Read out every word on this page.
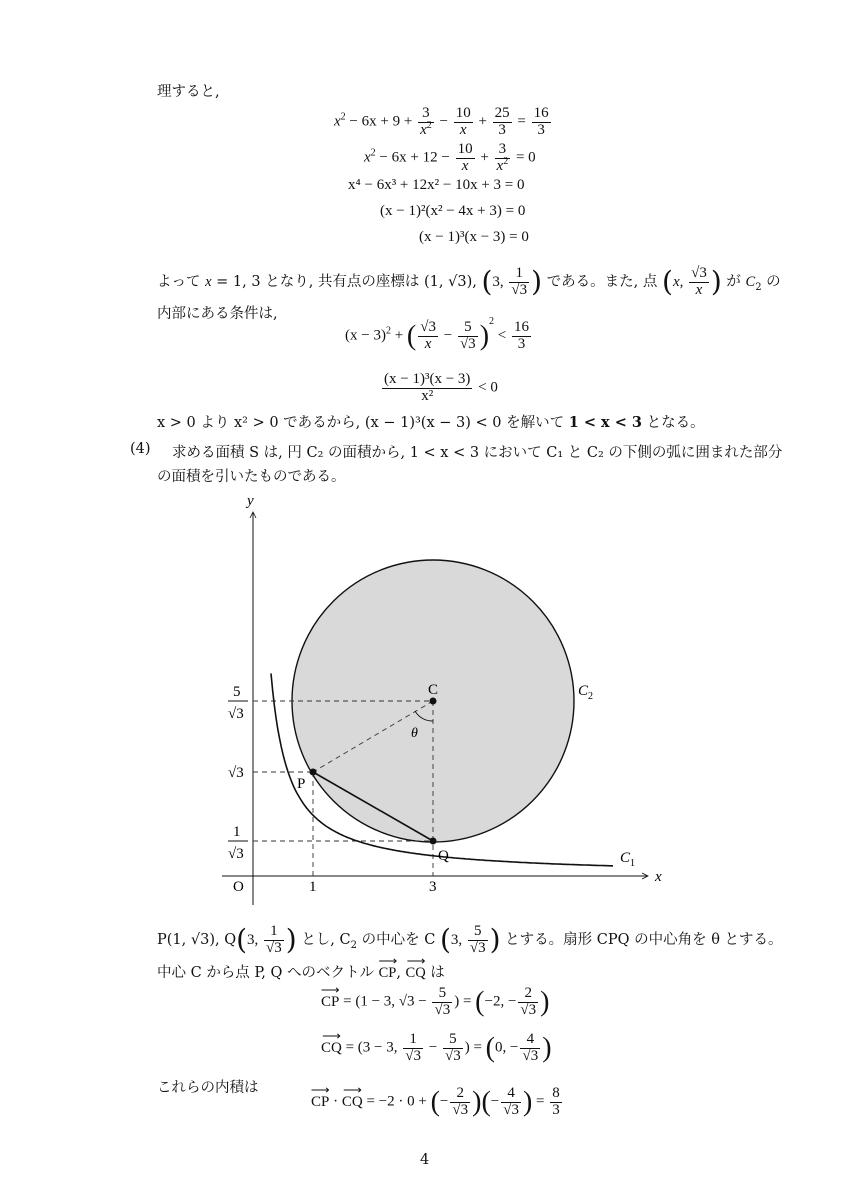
理すると,
$x^2 - 6x + 9 + \frac{3}{x^2} - \frac{10}{x} + \frac{25}{3} = \frac{16}{3}$
$x^2 - 6x + 12 - \frac{10}{x} + \frac{3}{x^2} = 0$
x⁴ − 6x³ + 12x² − 10x + 3 = 0
(x − 1)²(x² − 4x + 3) = 0
(x − 1)³(x − 3) = 0
よって x = 1, 3 となり, 共有点の座標は (1, √3), (3, $\frac{1}{√3}$ ) である。また, 点 (x, $\frac{√3}{x}$ ) が $C_2$ の
内部にある条件は,
$(x - 3)^2$ + ( $\frac{√3}{x} - \frac{5}{√3} )^2 < \frac{16}{3}$
$\frac{\text{(x − 1)³(x − 3)}}{\text{x²}} < 0$
x > 0 より x² > 0 であるから, (x − 1)³(x − 3) < 0 を解いて 1 < x < 3 となる。
(4) 求める面積 S は, 円 C₂ の面積から, 1 < x < 3 において C₁ と C₂ の下側の弧に囲まれた部分
の面積を引いたものである。
x
y
O	1	3
√3
5
√3
1
√3
C
P
Q
θ
$C_2$
$C_1$
P(1, √3), Q(3, $\frac{1}{√3}$ ) とし, $C_2$ の中心を C (3, $\frac{5}{√3}$ ) とする。扇形 CPQ の中心角を θ とする。
中心 C から点 P, Q へのベクトル ⟶ CP, ⟶ CQ は
⟶ CP = (1 − 3, $√3 - \frac{5}{√3}$ ) = (−2, − $\frac{2}{√3}$ )
⟶ CQ = (3 − 3, $\frac{1}{√3} - \frac{5}{√3}$ ) = (0, − $\frac{4}{√3}$ )
これらの内積は
⟶ CP · ⟶ CQ = −2 · 0 + (− $\frac{2}{√3}$ )(− $\frac{4}{√3}$ ) = $\frac{8}{3}$
4
